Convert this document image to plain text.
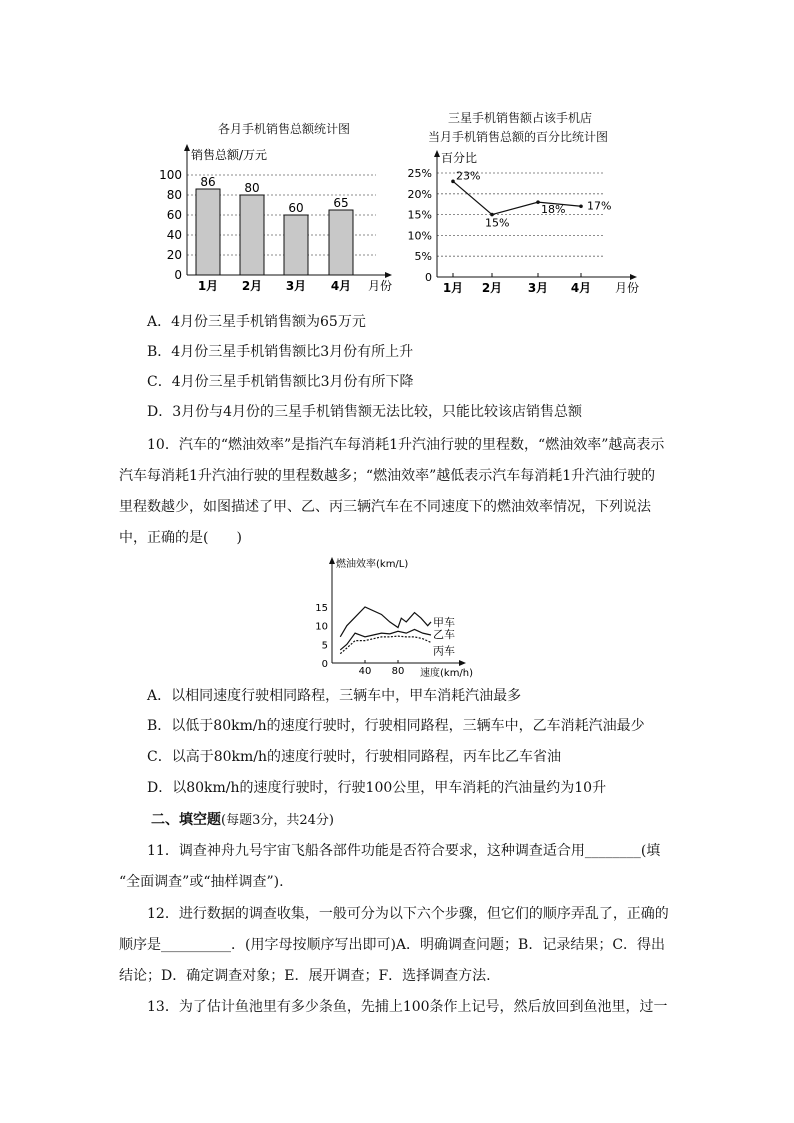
各月手机销售总额统计图
0
20
40
60
80
100
销售总额/万元
月份
86
1月
80
2月
60
3月
65
4月
三星手机销售额占该手机店
当月手机销售总额的百分比统计图
0
5%
10%
15%
20%
25%
百分比
月份
1月
23%
2月
15%
3月
18%
4月
17%
A．4月份三星手机销售额为65万元
B．4月份三星手机销售额比3月份有所上升
C．4月份三星手机销售额比3月份有所下降
D．3月份与4月份的三星手机销售额无法比较，只能比较该店销售总额
10．汽车的“燃油效率”是指汽车每消耗1升汽油行驶的里程数，“燃油效率”越高表示
汽车每消耗1升汽油行驶的里程数越多；“燃油效率”越低表示汽车每消耗1升汽油行驶的
里程数越少，如图描述了甲、乙、丙三辆汽车在不同速度下的燃油效率情况，下列说法
中，正确的是(　　)
0
5
10
15
40 80
燃油效率(km/L)
速度(km/h)
甲车
乙车
丙车
A．以相同速度行驶相同路程，三辆车中，甲车消耗汽油最多
B．以低于80km/h的速度行驶时，行驶相同路程，三辆车中，乙车消耗汽油最少
C．以高于80km/h的速度行驶时，行驶相同路程，丙车比乙车省油
D．以80km/h的速度行驶时，行驶100公里，甲车消耗的汽油量约为10升
二、填空题(每题3分，共24分)
11．调查神舟九号宇宙飞船各部件功能是否符合要求，这种调查适合用________(填
“全面调查”或“抽样调查”).
12．进行数据的调查收集，一般可分为以下六个步骤，但它们的顺序弄乱了，正确的
顺序是__________．(用字母按顺序写出即可)A．明确调查问题；B．记录结果；C．得出
结论；D．确定调查对象；E．展开调查；F．选择调查方法.
13．为了估计鱼池里有多少条鱼，先捕上100条作上记号，然后放回到鱼池里，过一
